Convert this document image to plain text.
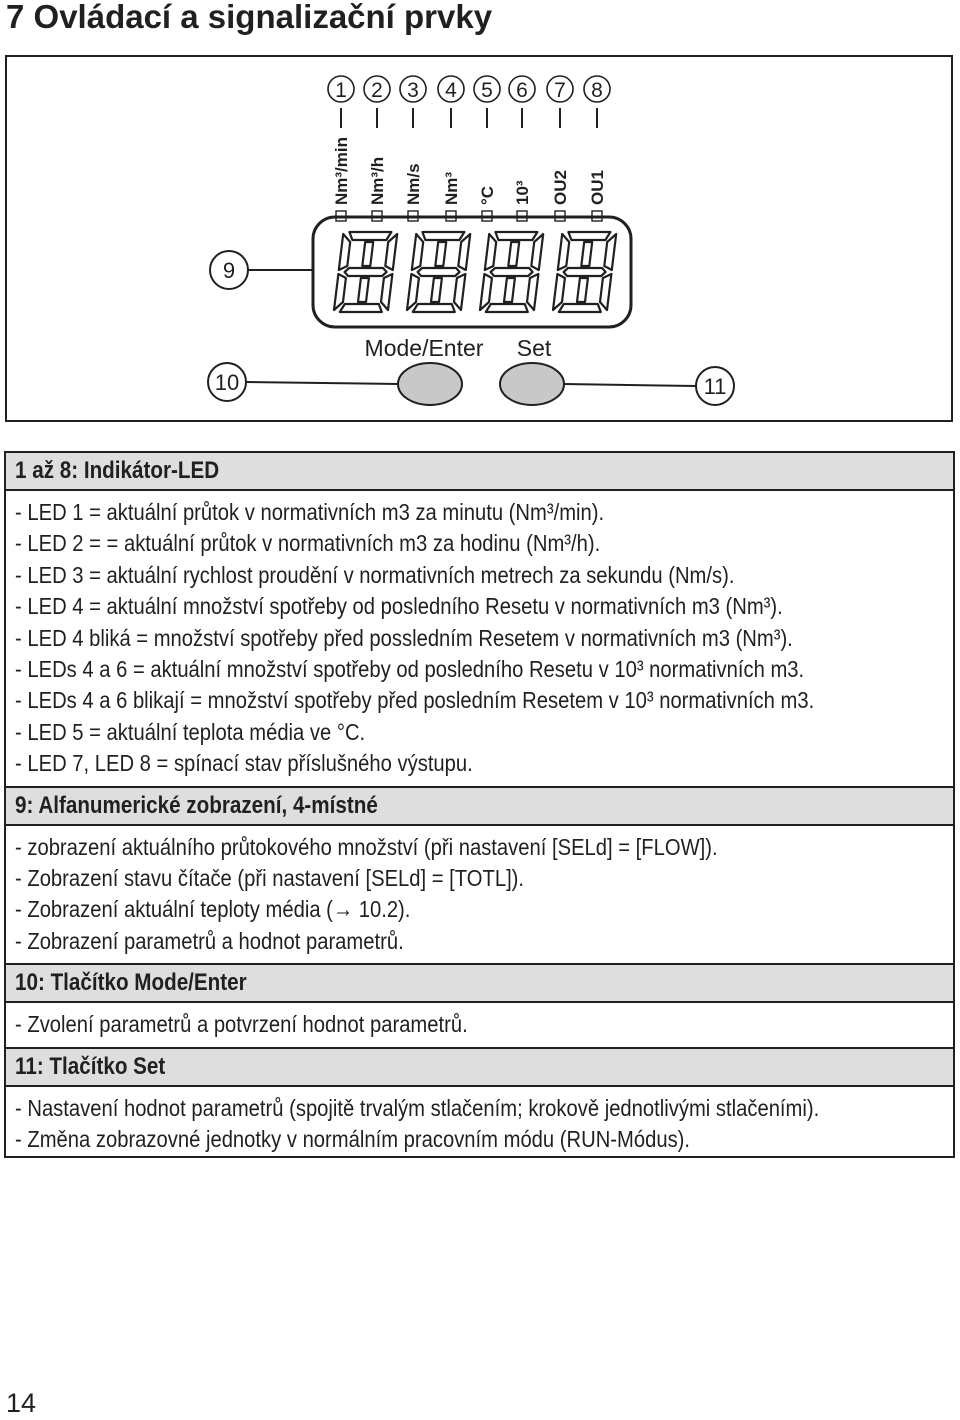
7 Ovládací a signalizační prvky
1 2 3 4 5 6 7 8
Nm³/min Nm³/h Nm/s Nm³ °C 10³ OU2 OU1
9
Mode/Enter Set
10	11
1 až 8: Indikátor-LED
- LED 1 = aktuální průtok v normativních m3 za minutu (Nm³/min).
- LED 2 = = aktuální průtok v normativních m3 za hodinu (Nm³/h).
- LED 3 = aktuální rychlost proudění v normativních metrech za sekundu (Nm/s).
- LED 4 = aktuální množství spotřeby od posledního Resetu v normativních m3 (Nm³).
- LED 4 bliká = množství spotřeby před possledním Resetem v normativních m3 (Nm³).
- LEDs 4 a 6 = aktuální množství spotřeby od posledního Resetu v 10³ normativních m3.
- LEDs 4 a 6 blikají = množství spotřeby před posledním Resetem v 10³ normativních m3.
- LED 5 = aktuální teplota média ve °C.
- LED 7, LED 8 = spínací stav příslušného výstupu.
9: Alfanumerické zobrazení, 4-místné
- zobrazení aktuálního průtokového množství (při nastavení [SELd] = [FLOW]).
- Zobrazení stavu čítače (při nastavení [SELd] = [TOTL]).
- Zobrazení aktuální teploty média (→ 10.2).
- Zobrazení parametrů a hodnot parametrů.
10: Tlačítko Mode/Enter
- Zvolení parametrů a potvrzení hodnot parametrů.
11: Tlačítko Set
- Nastavení hodnot parametrů (spojitě trvalým stlačením; krokově jednotlivými stlačeními).
- Změna zobrazovné jednotky v normálním pracovním módu (RUN-Módus).
14
